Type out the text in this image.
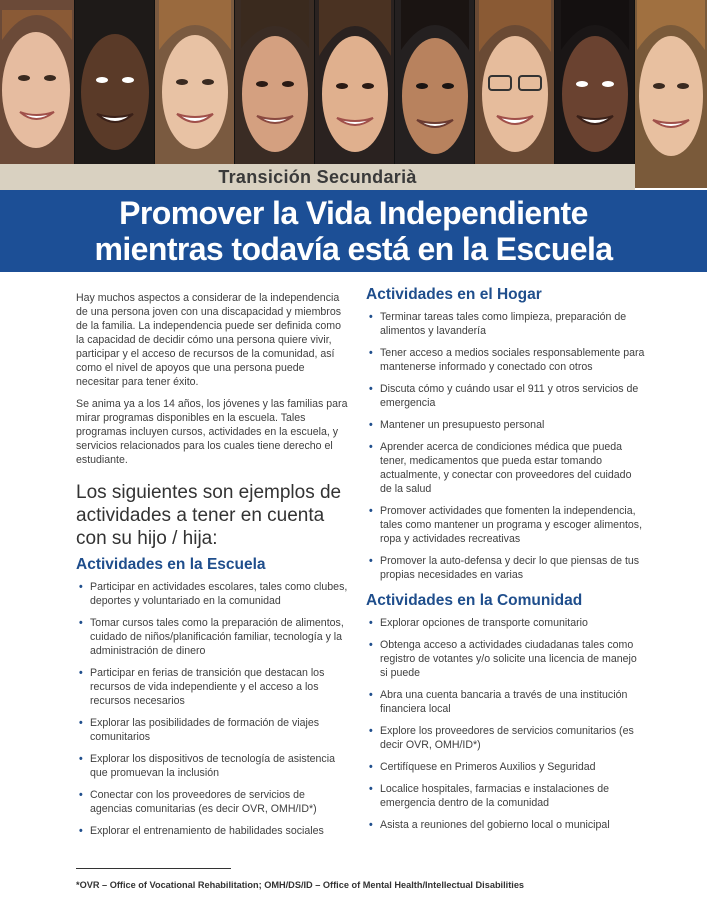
Transición Secundarià
Promover la Vida Independiente
mientras todavía está en la Escuela

Hay muchos aspectos a considerar de la independencia de una persona joven con una discapacidad y miembros de la familia. La independencia puede ser definida como la capacidad de decidir cómo una persona quiere vivir, participar y el acceso de recursos de la comunidad, así como el nivel de apoyos que una persona puede necesitar para tener éxito.

Se anima ya a los 14 años, los jóvenes y las familias para mirar programas disponibles en la escuela. Tales programas incluyen cursos, actividades en la escuela, y servicios relacionados para los cuales tiene derecho el estudiante.

Los siguientes son ejemplos de actividades a tener en cuenta con su hijo / hija:

Actividades en la Escuela
• Participar en actividades escolares, tales como clubes, deportes y voluntariado en la comunidad
• Tomar cursos tales como la preparación de alimentos, cuidado de niños/planificación familiar, tecnología y la administración de dinero
• Participar en ferias de transición que destacan los recursos de vida independiente y el acceso a los recursos necesarios
• Explorar las posibilidades de formación de viajes comunitarios
• Explorar los dispositivos de tecnología de asistencia que promuevan la inclusión
• Conectar con los proveedores de servicios de agencias comunitarias (es decir OVR, OMH/ID*)
• Explorar el entrenamiento de habilidades sociales
Actividades en el Hogar
• Terminar tareas tales como limpieza, preparación de alimentos y lavandería
• Tener acceso a medios sociales responsablemente para mantenerse informado y conectado con otros
• Discuta cómo y cuándo usar el 911 y otros servicios de emergencia
• Mantener un presupuesto personal
• Aprender acerca de condiciones médica que pueda tener, medicamentos que pueda estar tomando actualmente, y conectar con proveedores del cuidado de la salud
• Promover actividades que fomenten la independencia, tales como mantener un programa y escoger alimentos, ropa y actividades recreativas
• Promover la auto-defensa y decir lo que piensas de tus propias necesidades en varias
Actividades en la Comunidad
• Explorar opciones de transporte comunitario
• Obtenga acceso a actividades ciudadanas tales como registro de votantes y/o solicite una licencia de manejo si puede
• Abra una cuenta bancaria a través de una institución financiera local
• Explore los proveedores de servicios comunitarios (es decir OVR, OMH/ID*)
• Certifíquese en Primeros Auxilios y Seguridad
• Localice hospitales, farmacias e instalaciones de emergencia dentro de la comunidad
• Asista a reuniones del gobierno local o municipal
*OVR – Office of Vocational Rehabilitation; OMH/DS/ID – Office of Mental Health/Intellectual Disabilities
